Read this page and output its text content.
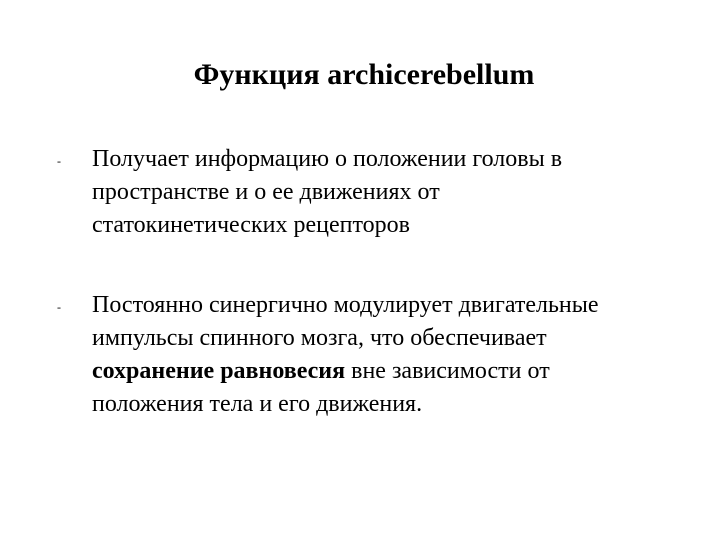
Функция archicerebellum
- Получает информацию о положении головы в
пространстве и о ее движениях от
статокинетических рецепторов
- Постоянно синергично модулирует двигательные
импульсы спинного мозга, что обеспечивает
сохранение равновесия вне зависимости от
положения тела и его движения.
